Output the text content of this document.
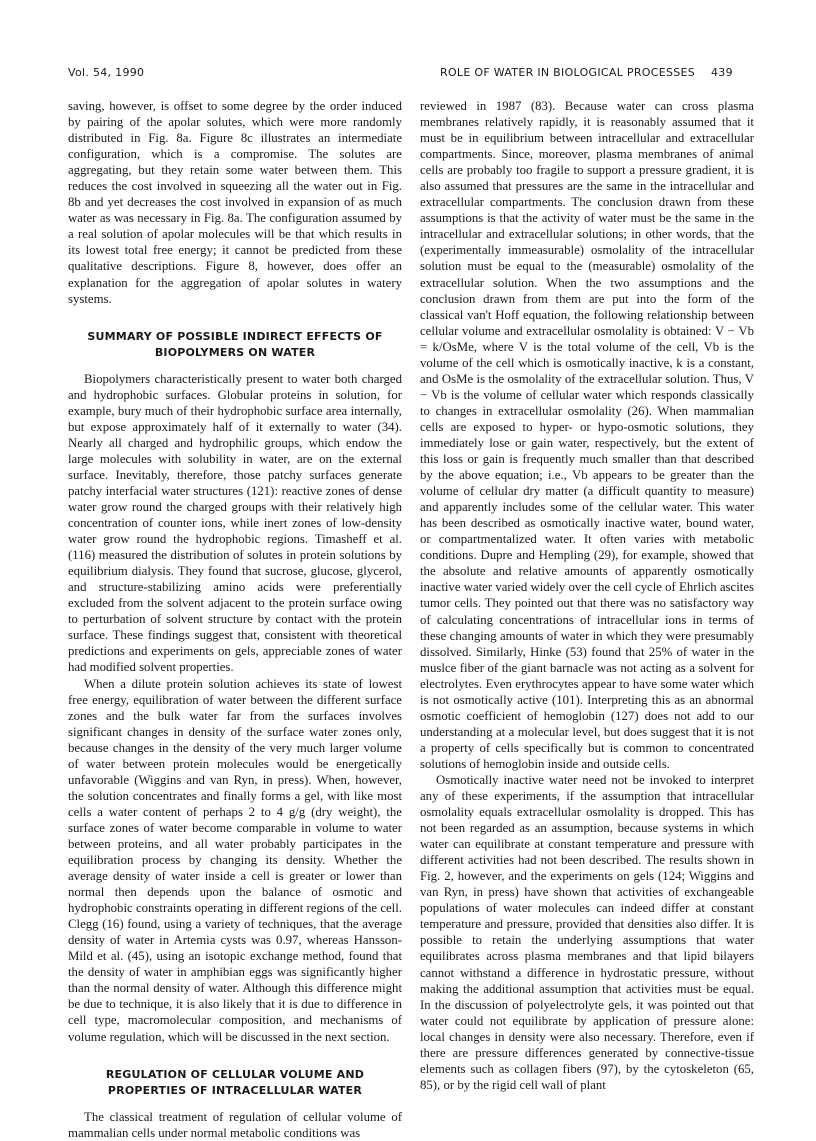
Vol. 54, 1990	ROLE OF WATER IN BIOLOGICAL PROCESSES 439

saving, however, is offset to some degree by the order induced by pairing of the apolar solutes, which were more randomly distributed in Fig. 8a. Figure 8c illustrates an intermediate configuration, which is a compromise. The solutes are aggregating, but they retain some water between them. This reduces the cost involved in squeezing all the water out in Fig. 8b and yet decreases the cost involved in expansion of as much water as was necessary in Fig. 8a. The configuration assumed by a real solution of apolar molecules will be that which results in its lowest total free energy; it cannot be predicted from these qualitative descriptions. Figure 8, however, does offer an explanation for the aggregation of apolar solutes in watery systems.

SUMMARY OF POSSIBLE INDIRECT EFFECTS OF
BIOPOLYMERS ON WATER

Biopolymers characteristically present to water both charged and hydrophobic surfaces. Globular proteins in solution, for example, bury much of their hydrophobic surface area internally, but expose approximately half of it externally to water (34). Nearly all charged and hydrophilic groups, which endow the large molecules with solubility in water, are on the external surface. Inevitably, therefore, those patchy surfaces generate patchy interfacial water structures (121): reactive zones of dense water grow round the charged groups with their relatively high concentration of counter ions, while inert zones of low-density water grow round the hydrophobic regions. Timasheff et al. (116) measured the distribution of solutes in protein solutions by equilibrium dialysis. They found that sucrose, glucose, glycerol, and structure-stabilizing amino acids were preferentially excluded from the solvent adjacent to the protein surface owing to perturbation of solvent structure by contact with the protein surface. These findings suggest that, consistent with theoretical predictions and experiments on gels, appreciable zones of water had modified solvent properties.

When a dilute protein solution achieves its state of lowest free energy, equilibration of water between the different surface zones and the bulk water far from the surfaces involves significant changes in density of the surface water zones only, because changes in the density of the very much larger volume of water between protein molecules would be energetically unfavorable (Wiggins and van Ryn, in press). When, however, the solution concentrates and finally forms a gel, with like most cells a water content of perhaps 2 to 4 g/g (dry weight), the surface zones of water become comparable in volume to water between proteins, and all water probably participates in the equilibration process by changing its density. Whether the average density of water inside a cell is greater or lower than normal then depends upon the balance of osmotic and hydrophobic constraints operating in different regions of the cell. Clegg (16) found, using a variety of techniques, that the average density of water in Artemia cysts was 0.97, whereas Hansson-Mild et al. (45), using an isotopic exchange method, found that the density of water in amphibian eggs was significantly higher than the normal density of water. Although this difference might be due to technique, it is also likely that it is due to difference in cell type, macromolecular composition, and mechanisms of volume regulation, which will be discussed in the next section.

REGULATION OF CELLULAR VOLUME AND
PROPERTIES OF INTRACELLULAR WATER

The classical treatment of regulation of cellular volume of mammalian cells under normal metabolic conditions was

reviewed in 1987 (83). Because water can cross plasma membranes relatively rapidly, it is reasonably assumed that it must be in equilibrium between intracellular and extracellular compartments. Since, moreover, plasma membranes of animal cells are probably too fragile to support a pressure gradient, it is also assumed that pressures are the same in the intracellular and extracellular compartments. The conclusion drawn from these assumptions is that the activity of water must be the same in the intracellular and extracellular solutions; in other words, that the (experimentally immeasurable) osmolality of the intracellular solution must be equal to the (measurable) osmolality of the extracellular solution. When the two assumptions and the conclusion drawn from them are put into the form of the classical van't Hoff equation, the following relationship between cellular volume and extracellular osmolality is obtained: V − Vb = k/OsMe, where V is the total volume of the cell, Vb is the volume of the cell which is osmotically inactive, k is a constant, and OsMe is the osmolality of the extracellular solution. Thus, V − Vb is the volume of cellular water which responds classically to changes in extracellular osmolality (26). When mammalian cells are exposed to hyper- or hypo-osmotic solutions, they immediately lose or gain water, respectively, but the extent of this loss or gain is frequently much smaller than that described by the above equation; i.e., Vb appears to be greater than the volume of cellular dry matter (a difficult quantity to measure) and apparently includes some of the cellular water. This water has been described as osmotically inactive water, bound water, or compartmentalized water. It often varies with metabolic conditions. Dupre and Hempling (29), for example, showed that the absolute and relative amounts of apparently osmotically inactive water varied widely over the cell cycle of Ehrlich ascites tumor cells. They pointed out that there was no satisfactory way of calculating concentrations of intracellular ions in terms of these changing amounts of water in which they were presumably dissolved. Similarly, Hinke (53) found that 25% of water in the muslce fiber of the giant barnacle was not acting as a solvent for electrolytes. Even erythrocytes appear to have some water which is not osmotically active (101). Interpreting this as an abnormal osmotic coefficient of hemoglobin (127) does not add to our understanding at a molecular level, but does suggest that it is not a property of cells specifically but is common to concentrated solutions of hemoglobin inside and outside cells.

Osmotically inactive water need not be invoked to interpret any of these experiments, if the assumption that intracellular osmolality equals extracellular osmolality is dropped. This has not been regarded as an assumption, because systems in which water can equilibrate at constant temperature and pressure with different activities had not been described. The results shown in Fig. 2, however, and the experiments on gels (124; Wiggins and van Ryn, in press) have shown that activities of exchangeable populations of water molecules can indeed differ at constant temperature and pressure, provided that densities also differ. It is possible to retain the underlying assumptions that water equilibrates across plasma membranes and that lipid bilayers cannot withstand a difference in hydrostatic pressure, without making the additional assumption that activities must be equal. In the discussion of polyelectrolyte gels, it was pointed out that water could not equilibrate by application of pressure alone: local changes in density were also necessary. Therefore, even if there are pressure differences generated by connective-tissue elements such as collagen fibers (97), by the cytoskeleton (65, 85), or by the rigid cell wall of plant
